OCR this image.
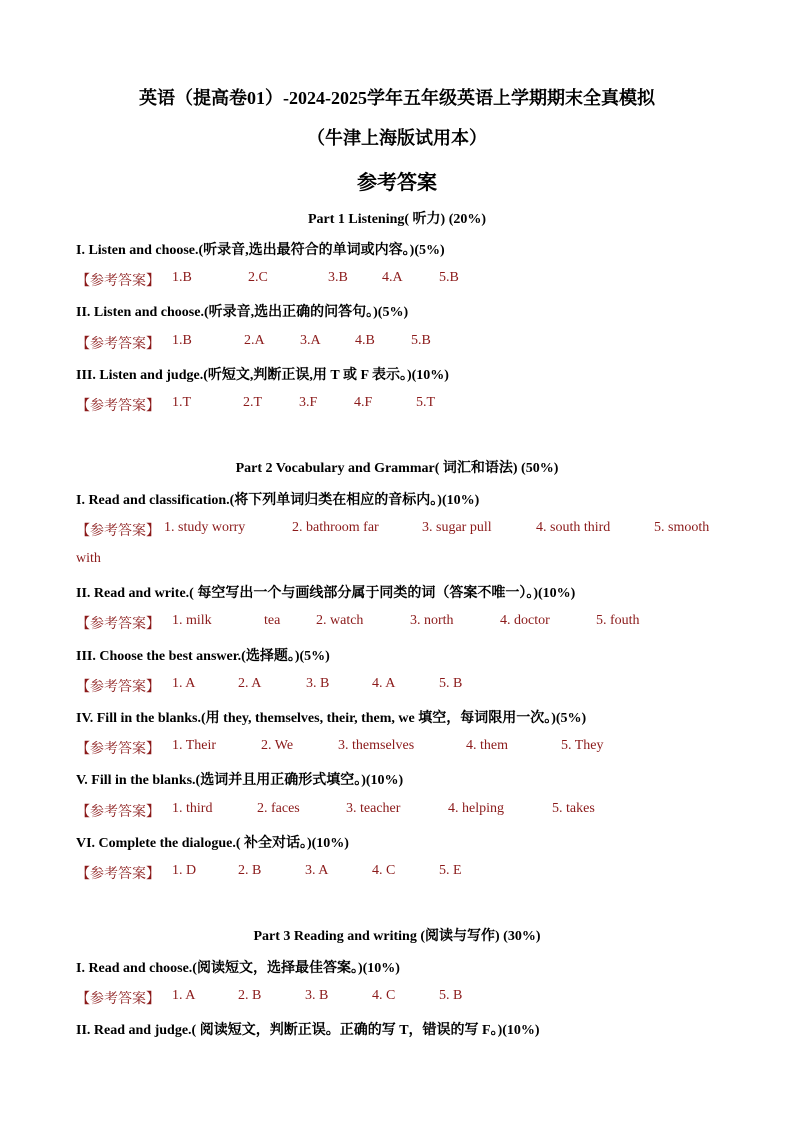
英语（提高卷01）-2024-2025学年五年级英语上学期期末全真模拟
（牛津上海版试用本）
参考答案
Part 1 Listening( 听力) (20%)
I. Listen and choose.(听录音,选出最符合的单词或内容。)(5%)
【参考答案】 1.B	2.C	3.B 4.A	5.B
II. Listen and choose.(听录音,选出正确的问答句。)(5%)
【参考答案】 1.B	2.A	3.A 4.B	5.B
III. Listen and judge.(听短文,判断正误,用 T 或 F 表示。)(10%)
【参考答案】 1.T	2.T	3.F	4.F	5.T
Part 2 Vocabulary and Grammar( 词汇和语法) (50%)
I. Read and classification.(将下列单词归类在相应的音标内。)(10%)
【参考答案】 1. study worry	2. bathroom far	3. sugar pull	4. south third	5. smooth
with
II. Read and write.( 每空写出一个与画线部分属于同类的词（答案不唯一）。)(10%)
【参考答案】 1. milk	tea	2. watch	3. north	4. doctor	5. fouth
III. Choose the best answer.(选择题。)(5%)
【参考答案】 1. A	2. A	3. B	4. A	5. B
IV. Fill in the blanks.(用 they, themselves, their, them, we 填空，每词限用一次。)(5%)
【参考答案】 1. Their	2. We	3. themselves	4. them	5. They
V. Fill in the blanks.(选词并且用正确形式填空。)(10%)
【参考答案】 1. third	2. faces	3. teacher	4. helping	5. takes
VI. Complete the dialogue.( 补全对话。)(10%)
【参考答案】 1. D	2. B	3. A	4. C	5. E
Part 3 Reading and writing (阅读与写作) (30%)
I. Read and choose.(阅读短文，选择最佳答案。)(10%)
【参考答案】 1. A	2. B	3. B	4. C	5. B
II. Read and judge.( 阅读短文，判断正误。正确的写 T，错误的写 F。)(10%)
